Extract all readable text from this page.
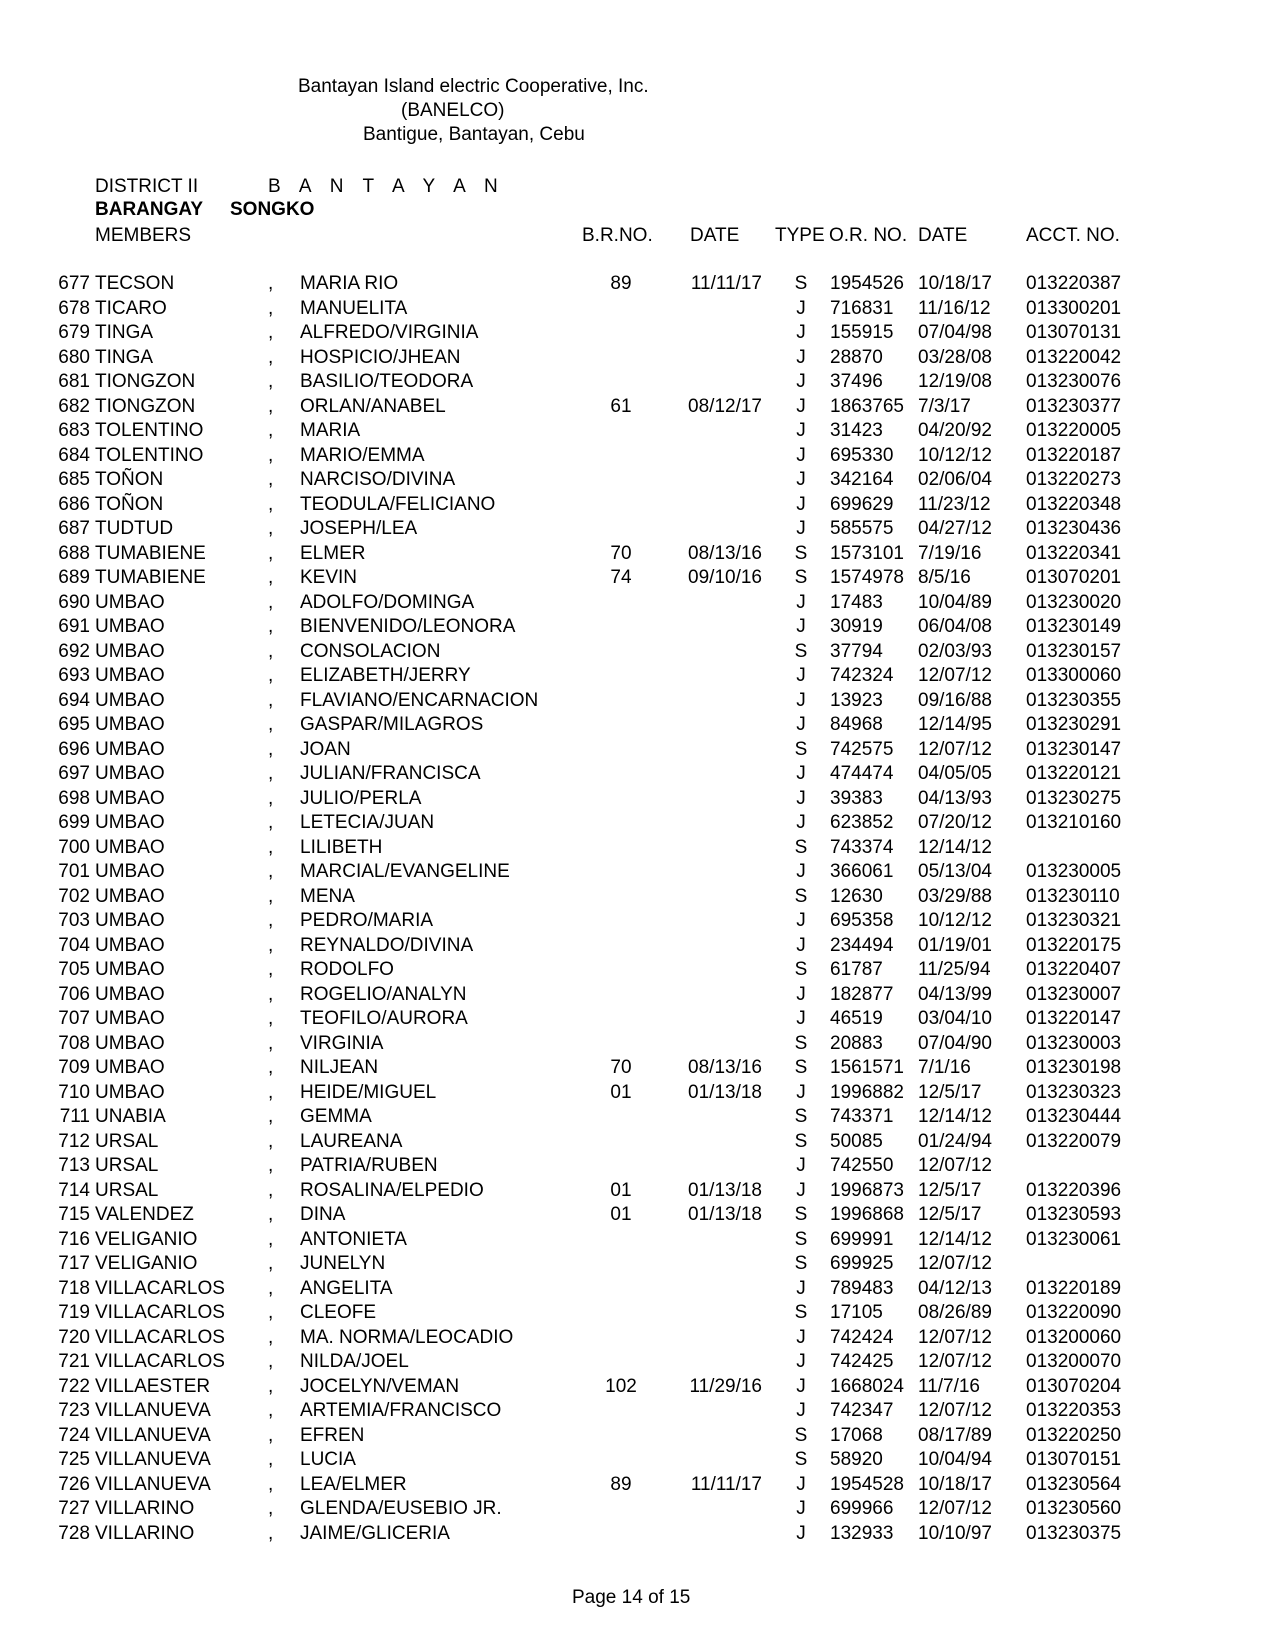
Bantayan Island electric Cooperative, Inc.
(BANELCO)
Bantigue, Bantayan, Cebu
DISTRICT II	B A N T A Y A N
BARANGAY SONGKO
MEMBERS	B.R.NO. DATE TYPE O.R. NO. DATE	ACCT. NO.
677 TECSON	, MARIA RIO	89	11/11/17 S 1954526 10/18/17 013220387
678 TICARO	, MANUELITA	J	716831 11/16/12 013300201
679 TINGA	, ALFREDO/VIRGINIA	J	155915 07/04/98 013070131
680 TINGA	, HOSPICIO/JHEAN	J	28870 03/28/08 013220042
681 TIONGZON	, BASILIO/TEODORA	J	37496 12/19/08 013230076
682 TIONGZON	, ORLAN/ANABEL	61	08/12/17	J	1863765 7/3/17	013230377
683 TOLENTINO	, MARIA	J	31423 04/20/92 013220005
684 TOLENTINO	, MARIO/EMMA	J	695330 10/12/12 013220187
685 TOÑON	, NARCISO/DIVINA	J	342164 02/06/04 013220273
686 TOÑON	, TEODULA/FELICIANO	J	699629 11/23/12 013220348
687 TUDTUD	, JOSEPH/LEA	J	585575 04/27/12 013230436
688 TUMABIENE	, ELMER	70	08/13/16 S 1573101 7/19/16 013220341
689 TUMABIENE	, KEVIN	74	09/10/16 S 1574978 8/5/16	013070201
690 UMBAO	, ADOLFO/DOMINGA	J	17483 10/04/89 013230020
691 UMBAO	, BIENVENIDO/LEONORA	J	30919 06/04/08 013230149
692 UMBAO	, CONSOLACION	S 37794 02/03/93 013230157
693 UMBAO	, ELIZABETH/JERRY	J	742324 12/07/12 013300060
694 UMBAO	, FLAVIANO/ENCARNACION	J	13923 09/16/88 013230355
695 UMBAO	, GASPAR/MILAGROS	J	84968 12/14/95 013230291
696 UMBAO	, JOAN	S 742575 12/07/12 013230147
697 UMBAO	, JULIAN/FRANCISCA	J	474474 04/05/05 013220121
698 UMBAO	, JULIO/PERLA	J	39383 04/13/93 013230275
699 UMBAO	, LETECIA/JUAN	J	623852 07/20/12 013210160
700 UMBAO	, LILIBETH	S 743374 12/14/12
701 UMBAO	, MARCIAL/EVANGELINE	J	366061 05/13/04 013230005
702 UMBAO	, MENA	S 12630 03/29/88 013230110
703 UMBAO	, PEDRO/MARIA	J	695358 10/12/12 013230321
704 UMBAO	, REYNALDO/DIVINA	J	234494 01/19/01 013220175
705 UMBAO	, RODOLFO	S 61787 11/25/94 013220407
706 UMBAO	, ROGELIO/ANALYN	J	182877 04/13/99 013230007
707 UMBAO	, TEOFILO/AURORA	J	46519 03/04/10 013220147
708 UMBAO	, VIRGINIA	S 20883 07/04/90 013230003
709 UMBAO	, NILJEAN	70	08/13/16 S 1561571 7/1/16	013230198
710 UMBAO	, HEIDE/MIGUEL	01	01/13/18	J	1996882 12/5/17 013230323
711 UNABIA	, GEMMA	S 743371 12/14/12 013230444
712 URSAL	, LAUREANA	S 50085 01/24/94 013220079
713 URSAL	, PATRIA/RUBEN	J	742550 12/07/12
714 URSAL	, ROSALINA/ELPEDIO	01	01/13/18	J	1996873 12/5/17 013220396
715 VALENDEZ	, DINA	01	01/13/18 S 1996868 12/5/17 013230593
716 VELIGANIO	, ANTONIETA	S 699991 12/14/12 013230061
717 VELIGANIO	, JUNELYN	S 699925 12/07/12
718 VILLACARLOS , ANGELITA	J	789483 04/12/13 013220189
719 VILLACARLOS , CLEOFE	S 17105 08/26/89 013220090
720 VILLACARLOS , MA. NORMA/LEOCADIO	J	742424 12/07/12 013200060
721 VILLACARLOS , NILDA/JOEL	J	742425 12/07/12 013200070
722 VILLAESTER	, JOCELYN/VEMAN	102	11/29/16	J	1668024 11/7/16 013070204
723 VILLANUEVA	, ARTEMIA/FRANCISCO	J	742347 12/07/12 013220353
724 VILLANUEVA	, EFREN	S 17068 08/17/89 013220250
725 VILLANUEVA	, LUCIA	S 58920 10/04/94 013070151
726 VILLANUEVA	, LEA/ELMER	89	11/11/17	J	1954528 10/18/17 013230564
727 VILLARINO	, GLENDA/EUSEBIO JR.	J	699966 12/07/12 013230560
728 VILLARINO	, JAIME/GLICERIA	J	132933 10/10/97 013230375
Page 14 of 15
